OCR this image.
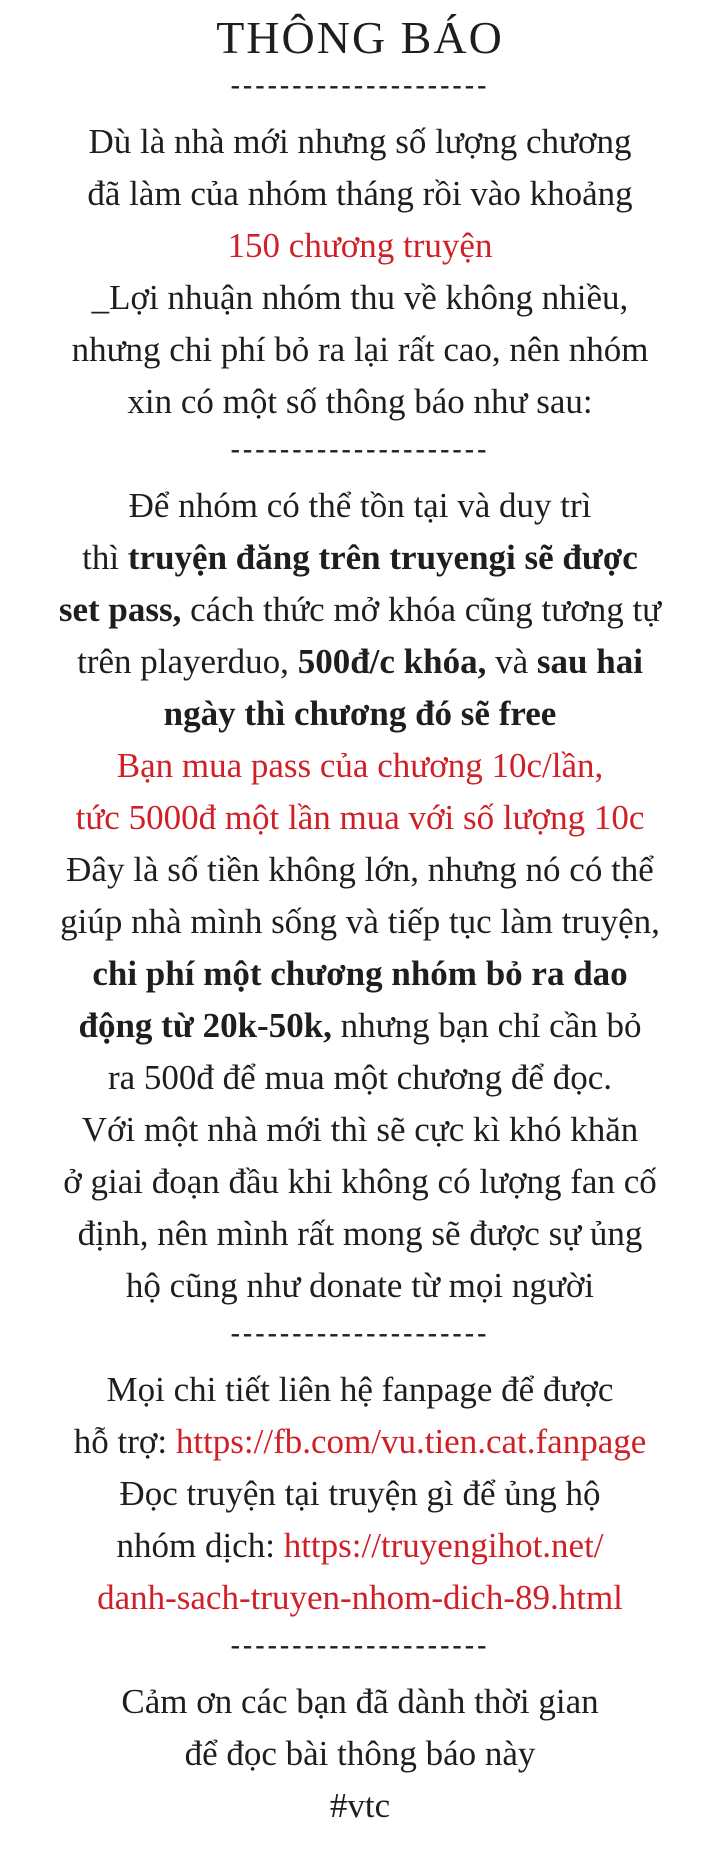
THÔNG BÁO
---------------------
Dù là nhà mới nhưng số lượng chương
đã làm của nhóm tháng rồi vào khoảng
150 chương truyện
_Lợi nhuận nhóm thu về không nhiều,
nhưng chi phí bỏ ra lại rất cao, nên nhóm
xin có một số thông báo như sau:
---------------------
Để nhóm có thể tồn tại và duy trì
thì truyện đăng trên truyengi sẽ được
set pass, cách thức mở khóa cũng tương tự
trên playerduo, 500đ/c khóa, và sau hai
ngày thì chương đó sẽ free
Bạn mua pass của chương 10c/lần,
tức 5000đ một lần mua với số lượng 10c
Đây là số tiền không lớn, nhưng nó có thể
giúp nhà mình sống và tiếp tục làm truyện,
chi phí một chương nhóm bỏ ra dao
động từ 20k-50k, nhưng bạn chỉ cần bỏ
ra 500đ để mua một chương để đọc.
Với một nhà mới thì sẽ cực kì khó khăn
ở giai đoạn đầu khi không có lượng fan cố
định, nên mình rất mong sẽ được sự ủng
hộ cũng như donate từ mọi người
---------------------
Mọi chi tiết liên hệ fanpage để được
hỗ trợ: https://fb.com/vu.tien.cat.fanpage
Đọc truyện tại truyện gì để ủng hộ
nhóm dịch: https://truyengihot.net/
danh-sach-truyen-nhom-dich-89.html
---------------------
Cảm ơn các bạn đã dành thời gian
để đọc bài thông báo này
#vtc
